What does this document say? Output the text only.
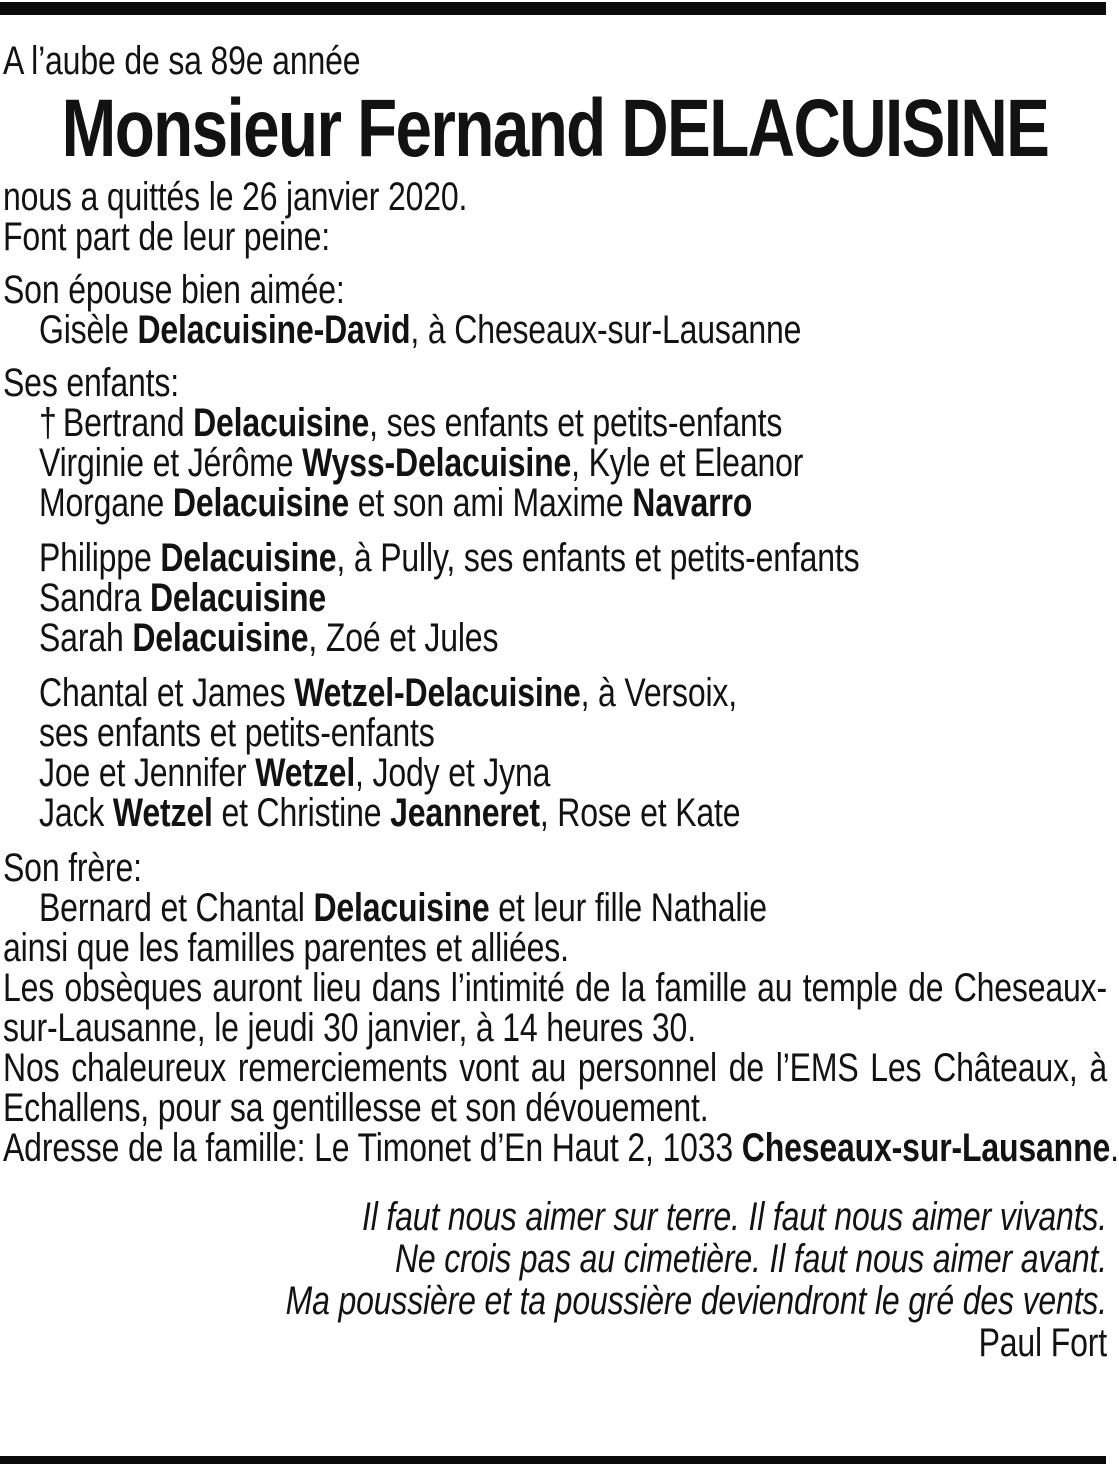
A l’aube de sa 89e année

Monsieur Fernand DELACUISINE

nous a quittés le 26 janvier 2020.

Font part de leur peine:

Son épouse bien aimée:

Gisèle Delacuisine-David, à Cheseaux-sur-Lausanne

Ses enfants:

† Bertrand Delacuisine, ses enfants et petits-enfants

Virginie et Jérôme Wyss-Delacuisine, Kyle et Eleanor

Morgane Delacuisine et son ami Maxime Navarro

Philippe Delacuisine, à Pully, ses enfants et petits-enfants

Sandra Delacuisine

Sarah Delacuisine, Zoé et Jules

Chantal et James Wetzel-Delacuisine, à Versoix,

ses enfants et petits-enfants

Joe et Jennifer Wetzel, Jody et Jyna

Jack Wetzel et Christine Jeanneret, Rose et Kate

Son frère:

Bernard et Chantal Delacuisine et leur fille Nathalie

ainsi que les familles parentes et alliées.

Les obsèques auront lieu dans l’intimité de la famille au temple de Cheseaux-sur-Lausanne, le jeudi 30 janvier, à 14 heures 30.

Nos chaleureux remerciements vont au personnel de l’EMS Les Châteaux, à Echallens, pour sa gentillesse et son dévouement.

Adresse de la famille: Le Timonet d’En Haut 2, 1033 Cheseaux-sur-Lausanne.

Il faut nous aimer sur terre. Il faut nous aimer vivants.

Ne crois pas au cimetière. Il faut nous aimer avant.

Ma poussière et ta poussière deviendront le gré des vents.

Paul Fort
